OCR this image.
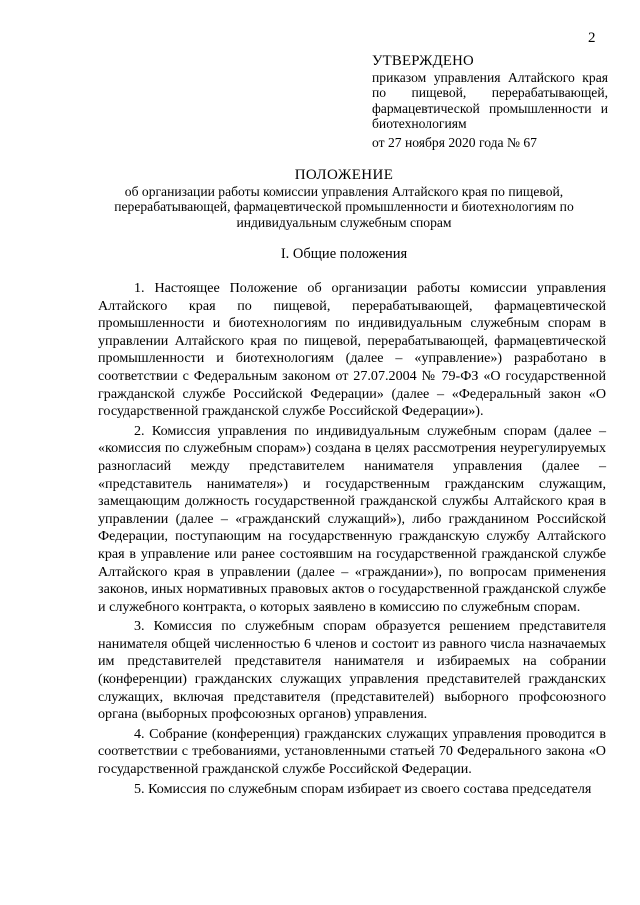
2
УТВЕРЖДЕНО
приказом управления Алтайского края по пищевой, перерабатывающей, фармацевтической промышленности и биотехнологиям
от 27 ноября 2020 года № 67
ПОЛОЖЕНИЕ
об организации работы комиссии управления Алтайского края по пищевой, перерабатывающей, фармацевтической промышленности и биотехнологиям по индивидуальным служебным спорам
I. Общие положения

1. Настоящее Положение об организации работы комиссии управления Алтайского края по пищевой, перерабатывающей, фармацевтической промышленности и биотехнологиям по индивидуальным служебным спорам в управлении Алтайского края по пищевой, перерабатывающей, фармацевтической промышленности и биотехнологиям (далее – «управление») разработано в соответствии с Федеральным законом от 27.07.2004 № 79-ФЗ «О государственной гражданской службе Российской Федерации» (далее – «Федеральный закон «О государственной гражданской службе Российской Федерации»).

2. Комиссия управления по индивидуальным служебным спорам (далее – «комиссия по служебным спорам») создана в целях рассмотрения неурегулируемых разногласий между представителем нанимателя управления (далее – «представитель нанимателя») и государственным гражданским служащим, замещающим должность государственной гражданской службы Алтайского края в управлении (далее – «гражданский служащий»), либо гражданином Российской Федерации, поступающим на государственную гражданскую службу Алтайского края в управление или ранее состоявшим на государственной гражданской службе Алтайского края в управлении (далее – «граждании»), по вопросам применения законов, иных нормативных правовых актов о государственной гражданской службе и служебного контракта, о которых заявлено в комиссию по служебным спорам.

3. Комиссия по служебным спорам образуется решением представителя нанимателя общей численностью 6 членов и состоит из равного числа назначаемых им представителей представителя нанимателя и избираемых на собрании (конференции) гражданских служащих управления представителей гражданских служащих, включая представителя (представителей) выборного профсоюзного органа (выборных профсоюзных органов) управления.

4. Собрание (конференция) гражданских служащих управления проводится в соответствии с требованиями, установленными статьей 70 Федерального закона «О государственной гражданской службе Российской Федерации.

5. Комиссия по служебным спорам избирает из своего состава председателя
